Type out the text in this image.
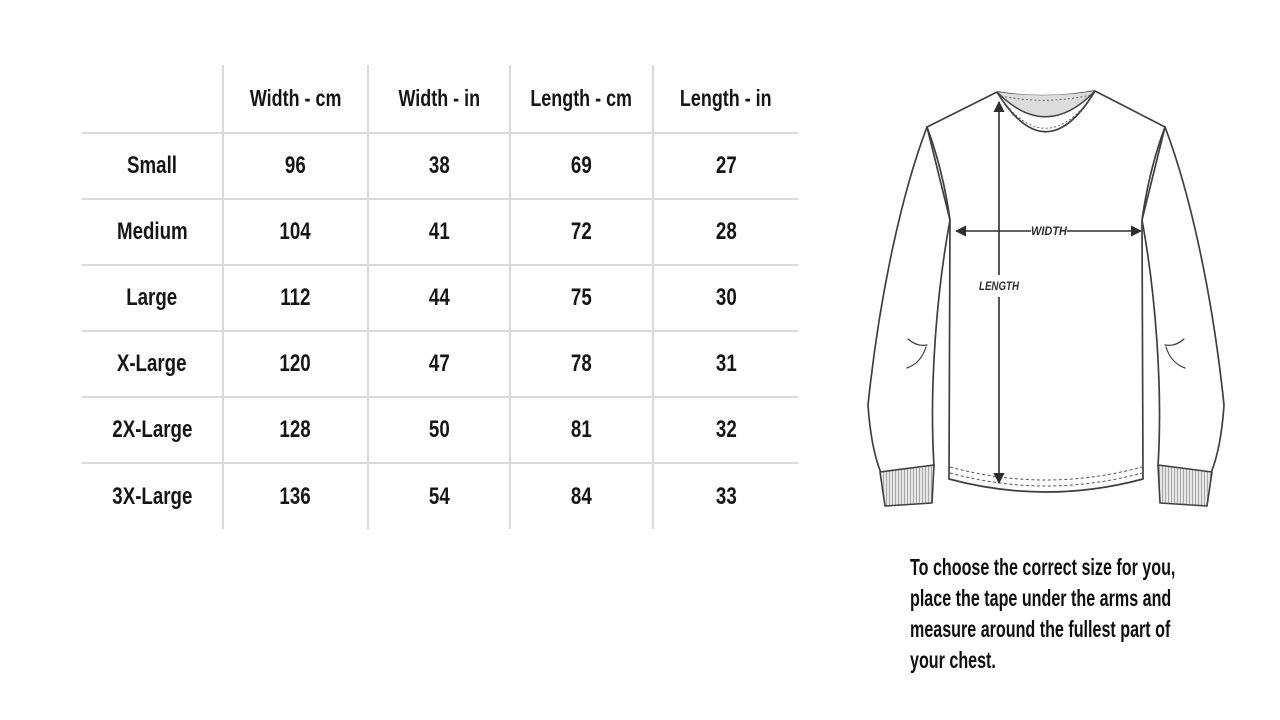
	Width - cm	Width - in	Length - cm	Length - in
Small	96	38	69	27
Medium	104	41	72	28
Large	112	44	75	30
X-Large	120	47	78	31
2X-Large	128	50	81	32
3X-Large	136	54	84	33
WIDTH
LENGTH
To choose the correct size for you,
place the tape under the arms and
measure around the fullest part of
your chest.
